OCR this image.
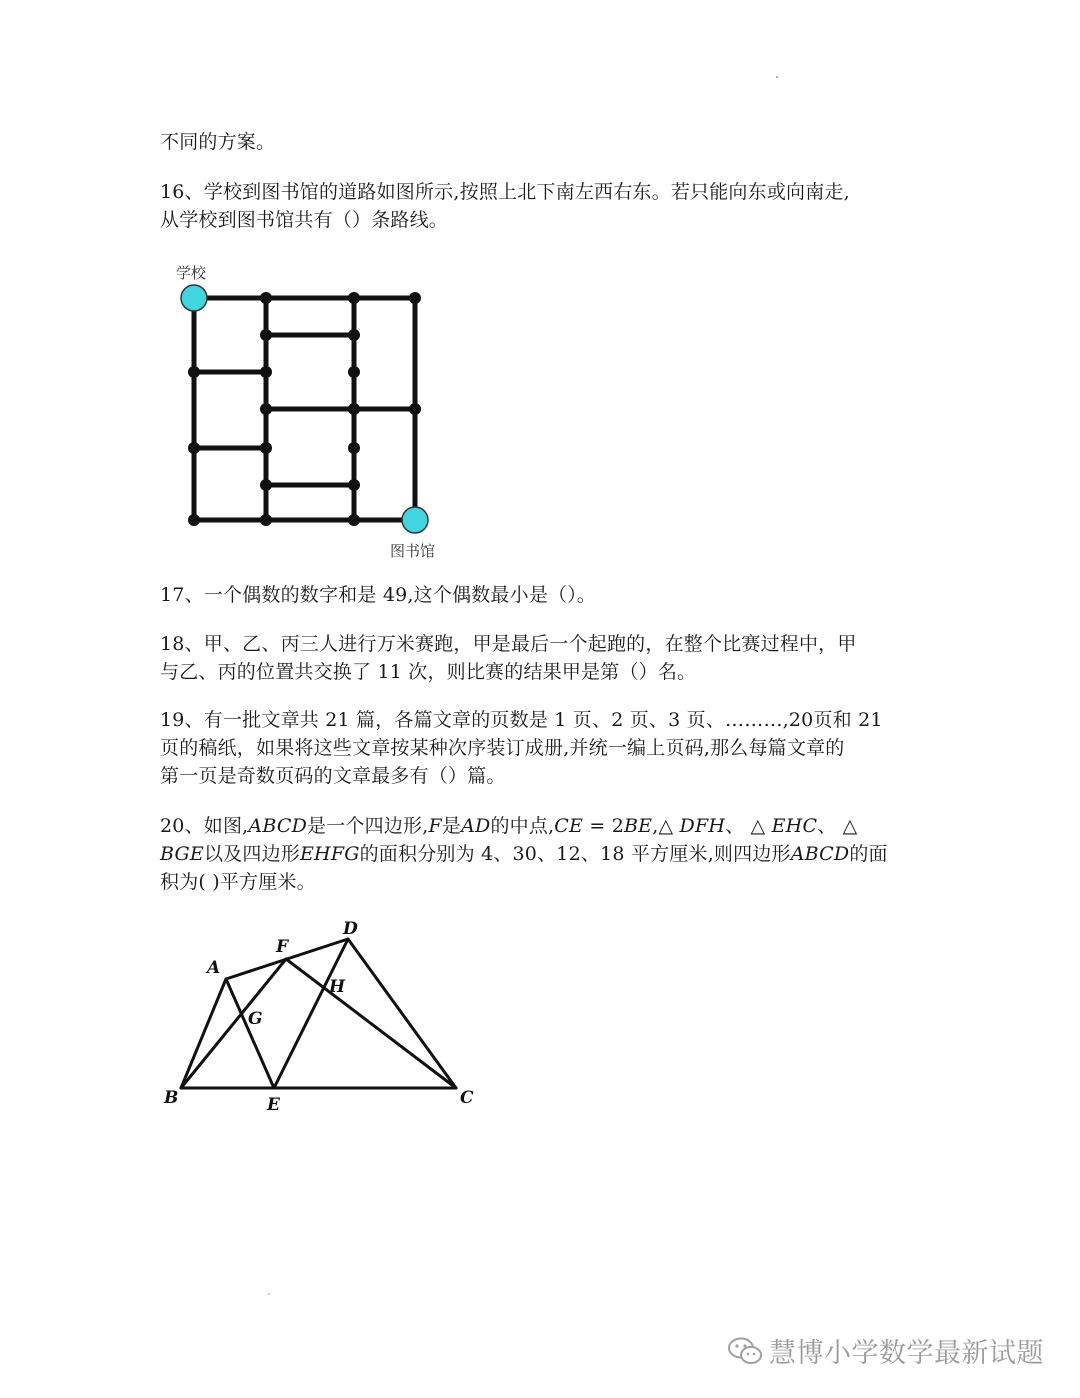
不同的方案。
16、学校到图书馆的道路如图所示,按照上北下南左西右东。若只能向东或向南走,
从学校到图书馆共有（）条路线。
学校
图书馆
17、一个偶数的数字和是 49,这个偶数最小是（）。
18、甲、乙、丙三人进行万米赛跑，甲是最后一个起跑的，在整个比赛过程中，甲
与乙、丙的位置共交换了 11 次，则比赛的结果甲是第（）名。
19、有一批文章共 21 篇，各篇文章的页数是 1 页、2 页、3 页、………,20页和 21
页的稿纸，如果将这些文章按某种次序装订成册,并统一编上页码,那么每篇文章的
第一页是奇数页码的文章最多有（）篇。
20、如图,ABCD是一个四边形,F是AD的中点,CE = 2BE,△ DFH、 △ EHC、 △
BGE以及四边形EHFG的面积分别为 4、30、12、18 平方厘米,则四边形ABCD的面
积为( )平方厘米。
A
B	C
D
E
F
G
H
慧博小学数学最新试题
